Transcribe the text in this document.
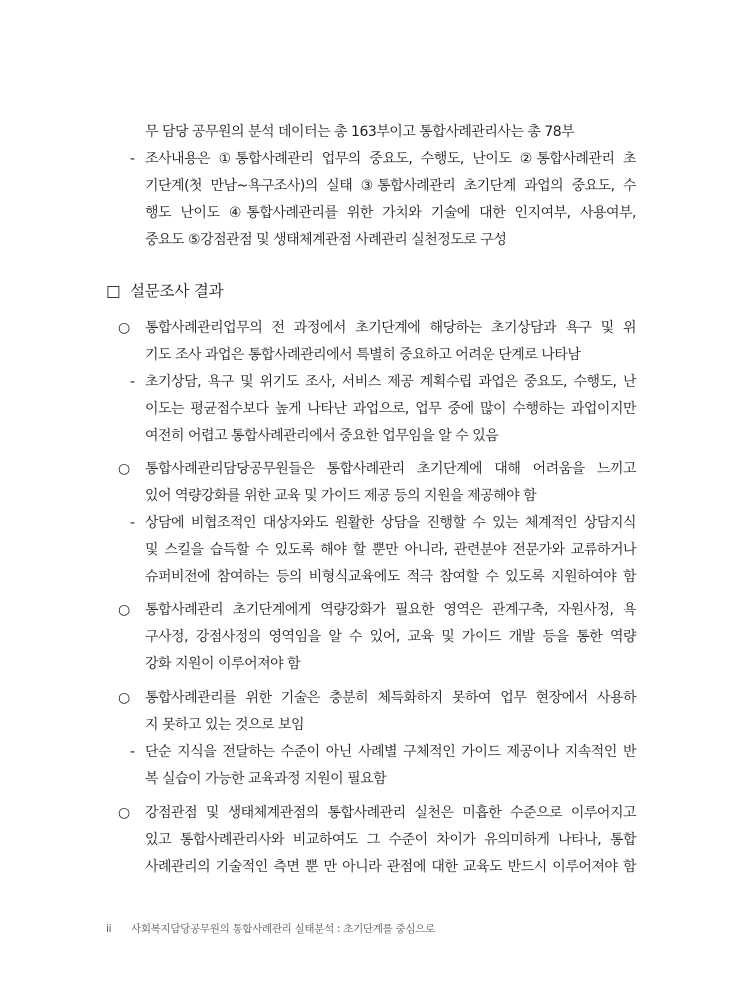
무 담당 공무원의 분석 데이터는 총 163부이고 통합사례관리사는 총 78부
- 조사내용은 ①통합사례관리 업무의 중요도, 수행도, 난이도 ②통합사례관리 초
기단계(첫 만남~욕구조사)의 실태 ③통합사례관리 초기단계 과업의 중요도, 수
행도 난이도 ④통합사례관리를 위한 가치와 기술에 대한 인지여부, 사용여부,
중요도 ⑤강점관점 및 생태체계관점 사례관리 실천정도로 구성
□ 설문조사 결과
○ 통합사례관리업무의 전 과정에서 초기단계에 해당하는 초기상담과 욕구 및 위
기도 조사 과업은 통합사례관리에서 특별히 중요하고 어려운 단계로 나타남
- 초기상담, 욕구 및 위기도 조사, 서비스 제공 계획수립 과업은 중요도, 수행도, 난
이도는 평균점수보다 높게 나타난 과업으로, 업무 중에 많이 수행하는 과업이지만
여전히 어렵고 통합사례관리에서 중요한 업무임을 알 수 있음
○ 통합사례관리담당공무원들은 통합사례관리 초기단계에 대해 어려움을 느끼고
있어 역량강화를 위한 교육 및 가이드 제공 등의 지원을 제공해야 함
- 상담에 비협조적인 대상자와도 원활한 상담을 진행할 수 있는 체계적인 상담지식
및 스킬을 습득할 수 있도록 해야 할 뿐만 아니라, 관련분야 전문가와 교류하거나
슈퍼비전에 참여하는 등의 비형식교육에도 적극 참여할 수 있도록 지원하여야 함
○ 통합사례관리 초기단계에게 역량강화가 필요한 영역은 관계구축, 자원사정, 욕
구사정, 강점사정의 영역임을 알 수 있어, 교육 및 가이드 개발 등을 통한 역량
강화 지원이 이루어져야 함
○ 통합사례관리를 위한 기술은 충분히 체득화하지 못하여 업무 현장에서 사용하
지 못하고 있는 것으로 보임
- 단순 지식을 전달하는 수준이 아닌 사례별 구체적인 가이드 제공이나 지속적인 반
복 실습이 가능한 교육과정 지원이 필요함
○ 강점관점 및 생태체계관점의 통합사례관리 실천은 미흡한 수준으로 이루어지고
있고 통합사례관리사와 비교하여도 그 수준이 차이가 유의미하게 나타나, 통합
사례관리의 기술적인 측면 뿐 만 아니라 관점에 대한 교육도 반드시 이루어져야 함
ii 사회복지담당공무원의 통합사례관리 실태분석 : 초기단계를 중심으로
